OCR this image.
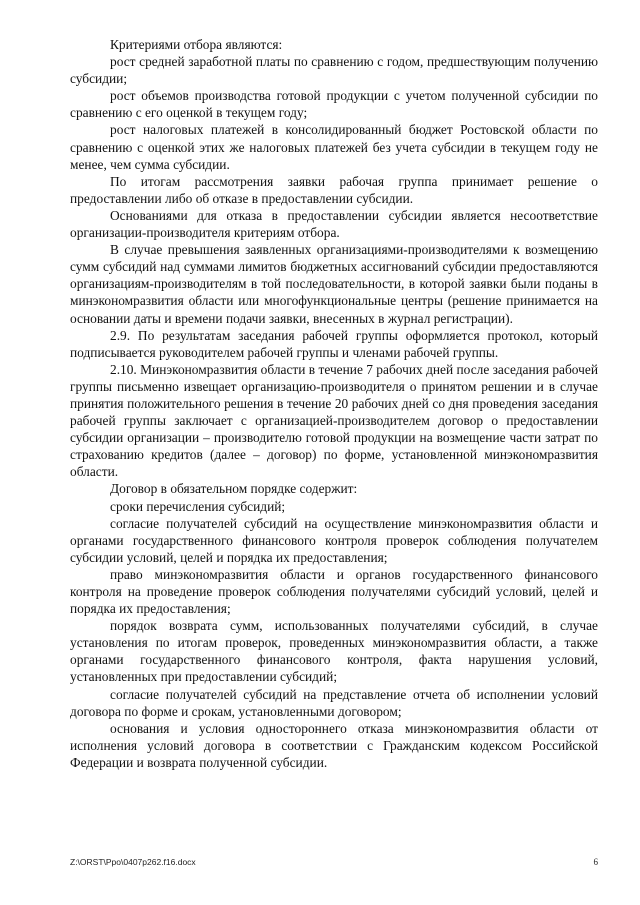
Критериями отбора являются:

рост средней заработной платы по сравнению с годом, предшествующим получению субсидии;

рост объемов производства готовой продукции с учетом полученной субсидии по сравнению с его оценкой в текущем году;

рост налоговых платежей в консолидированный бюджет Ростовской области по сравнению с оценкой этих же налоговых платежей без учета субсидии в текущем году не менее, чем сумма субсидии.

По итогам рассмотрения заявки рабочая группа принимает решение о предоставлении либо об отказе в предоставлении субсидии.

Основаниями для отказа в предоставлении субсидии является несоответствие организации-производителя критериям отбора.

В случае превышения заявленных организациями-производителями к возмещению сумм субсидий над суммами лимитов бюджетных ассигнований субсидии предоставляются организациям-производителям в той последовательности, в которой заявки были поданы в минэкономразвития области или многофункциональные центры (решение принимается на основании даты и времени подачи заявки, внесенных в журнал регистрации).

2.9. По результатам заседания рабочей группы оформляется протокол, который подписывается руководителем рабочей группы и членами рабочей группы.

2.10. Минэкономразвития области в течение 7 рабочих дней после заседания рабочей группы письменно извещает организацию-производителя о принятом решении и в случае принятия положительного решения в течение 20 рабочих дней со дня проведения заседания рабочей группы заключает с организацией-производителем договор о предоставлении субсидии организации – производителю готовой продукции на возмещение части затрат по страхованию кредитов (далее – договор) по форме, установленной минэкономразвития области.

Договор в обязательном порядке содержит:

сроки перечисления субсидий;

согласие получателей субсидий на осуществление минэкономразвития области и органами государственного финансового контроля проверок соблюдения получателем субсидии условий, целей и порядка их предоставления;

право минэкономразвития области и органов государственного финансового контроля на проведение проверок соблюдения получателями субсидий условий, целей и порядка их предоставления;

порядок возврата сумм, использованных получателями субсидий, в случае установления по итогам проверок, проведенных минэкономразвития области, а также органами государственного финансового контроля, факта нарушения условий, установленных при предоставлении субсидий;

согласие получателей субсидий на представление отчета об исполнении условий договора по форме и срокам, установленными договором;

основания и условия одностороннего отказа минэкономразвития области от исполнения условий договора в соответствии с Гражданским кодексом Российской Федерации и возврата полученной субсидии.

Z:\ORST\Ppo\0407p262.f16.docx	6
